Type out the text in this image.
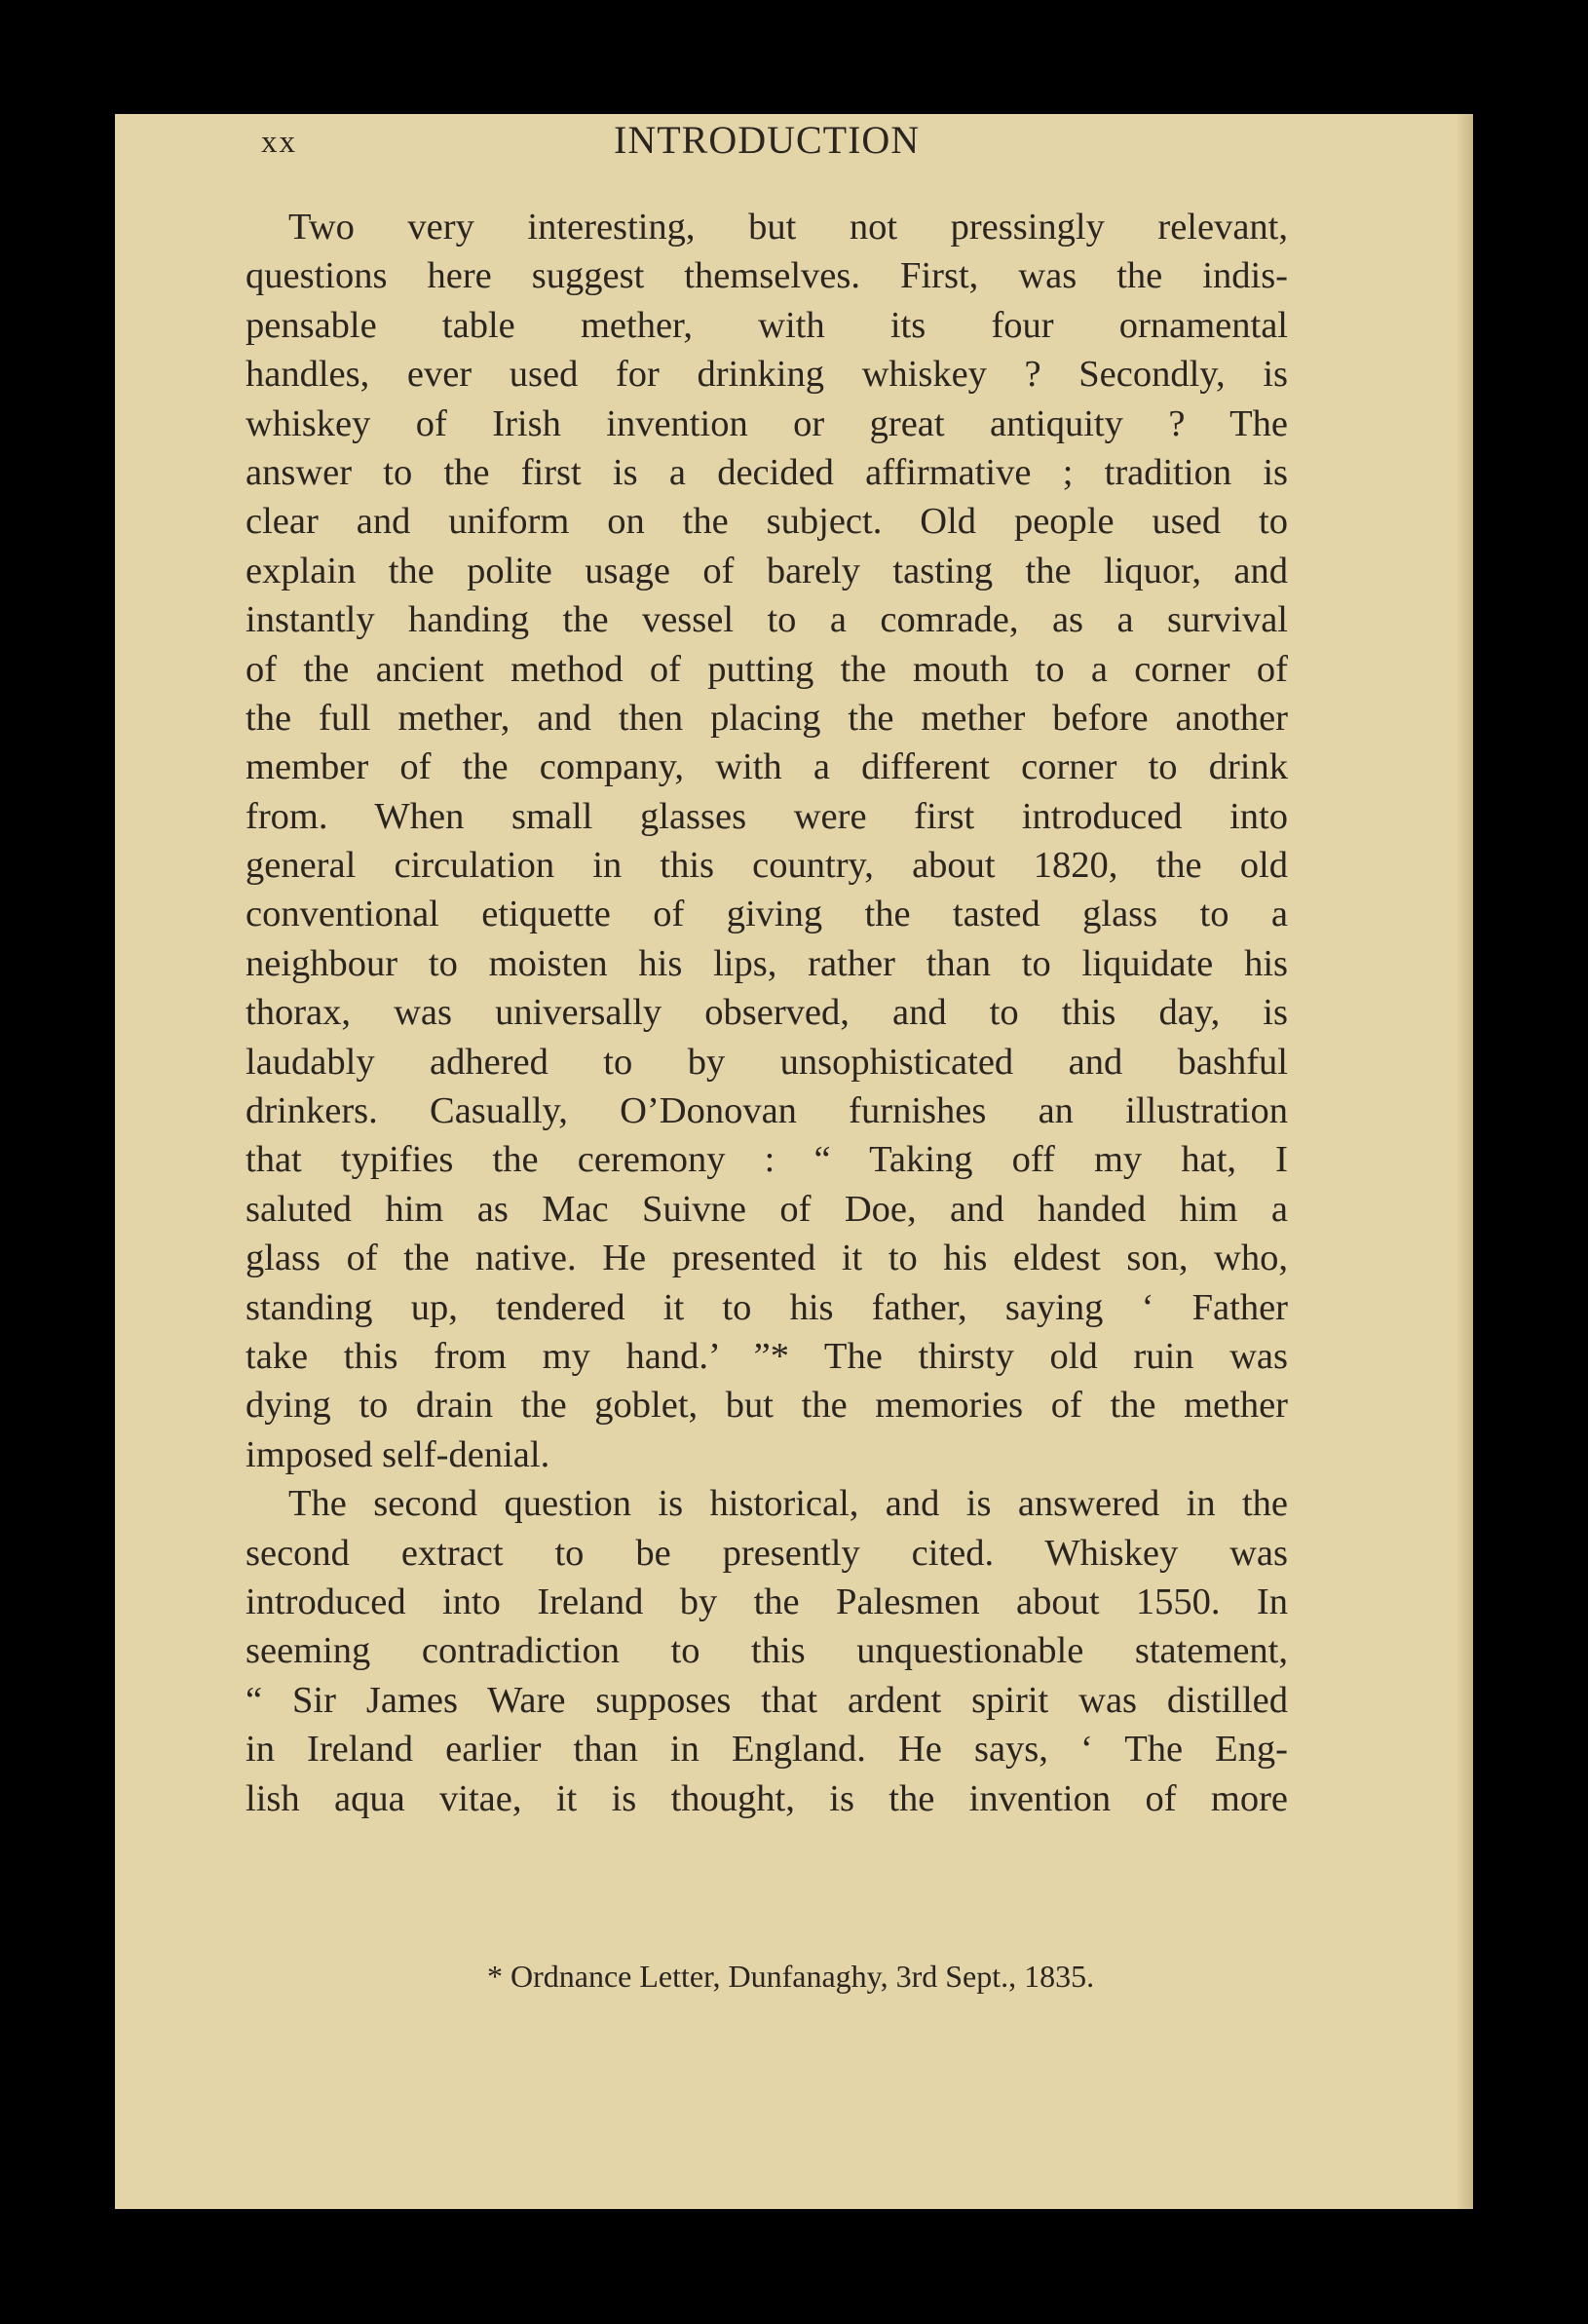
xx	INTRODUCTION
Two very interesting, but not pressingly relevant,
questions here suggest themselves. First, was the indis-
pensable table mether, with its four ornamental
handles, ever used for drinking whiskey ? Secondly, is
whiskey of Irish invention or great antiquity ? The
answer to the first is a decided affirmative ; tradition is
clear and uniform on the subject. Old people used to
explain the polite usage of barely tasting the liquor, and
instantly handing the vessel to a comrade, as a survival
of the ancient method of putting the mouth to a corner of
the full mether, and then placing the mether before another
member of the company, with a different corner to drink
from. When small glasses were first introduced into
general circulation in this country, about 1820, the old
conventional etiquette of giving the tasted glass to a
neighbour to moisten his lips, rather than to liquidate his
thorax, was universally observed, and to this day, is
laudably adhered to by unsophisticated and bashful
drinkers. Casually, O’Donovan furnishes an illustration
that typifies the ceremony : “ Taking off my hat, I
saluted him as Mac Suivne of Doe, and handed him a
glass of the native. He presented it to his eldest son, who,
standing up, tendered it to his father, saying ‘ Father
take this from my hand.’ ”* The thirsty old ruin was
dying to drain the goblet, but the memories of the mether
imposed self-denial.
The second question is historical, and is answered in the
second extract to be presently cited. Whiskey was
introduced into Ireland by the Palesmen about 1550. In
seeming contradiction to this unquestionable statement,
“ Sir James Ware supposes that ardent spirit was distilled
in Ireland earlier than in England. He says, ‘ The Eng-
lish aqua vitae, it is thought, is the invention of more
* Ordnance Letter, Dunfanaghy, 3rd Sept., 1835.
